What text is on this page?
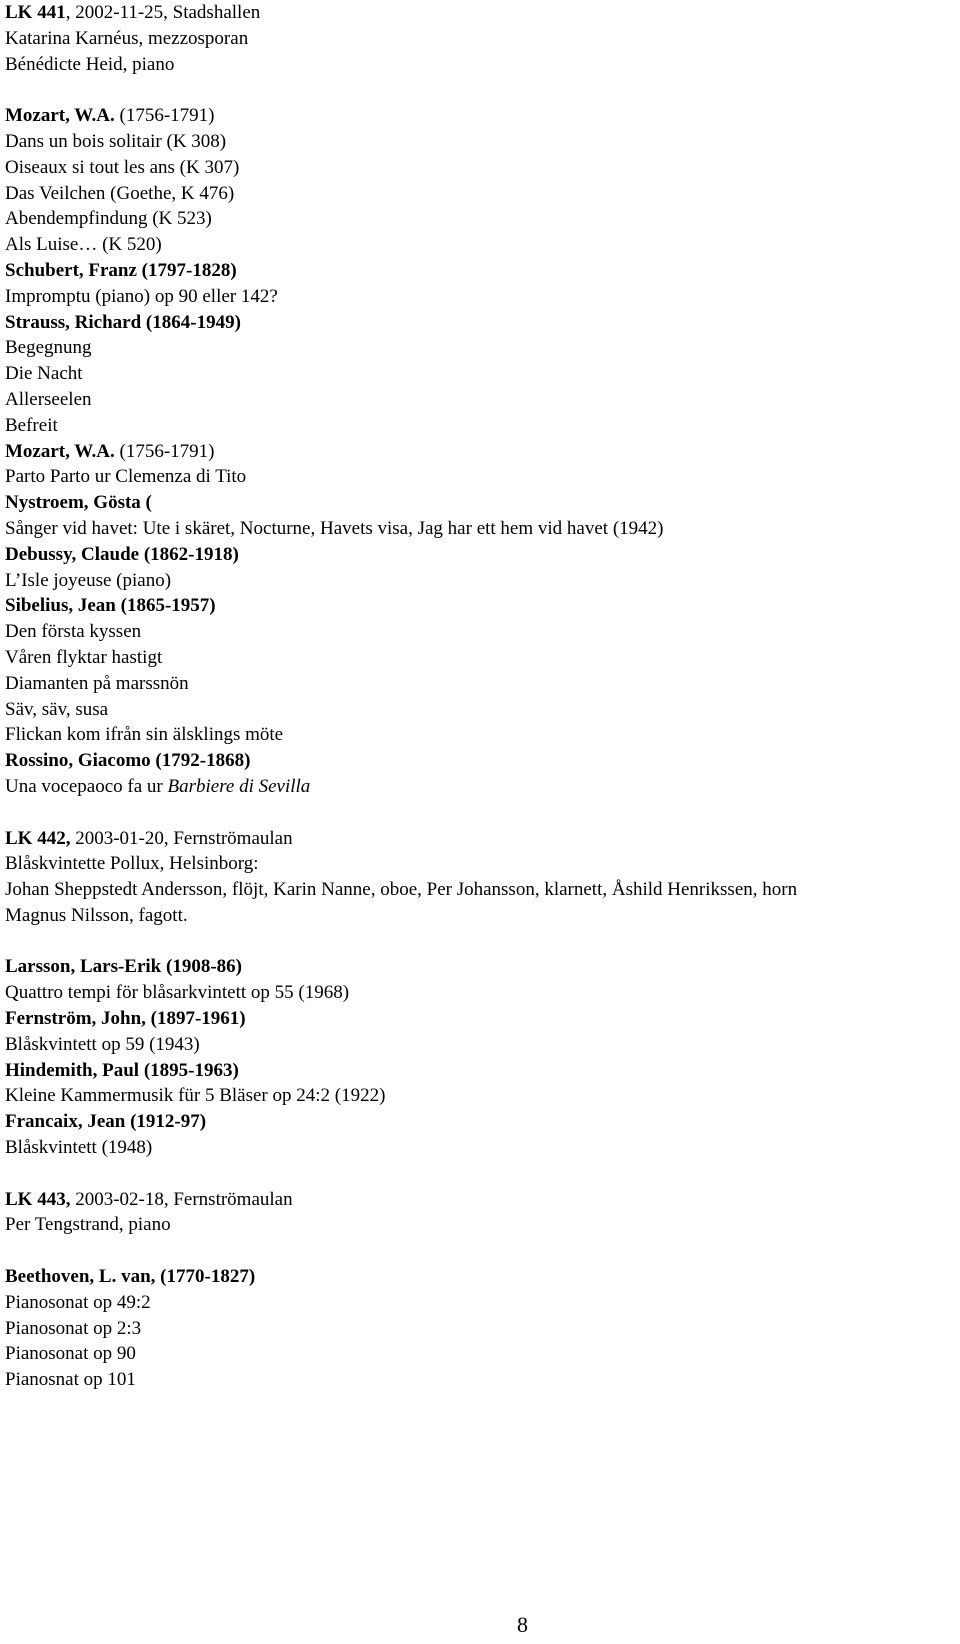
LK 441, 2002-11-25, Stadshallen
Katarina Karnéus, mezzosporan
Bénédicte Heid, piano
Mozart, W.A. (1756-1791)
Dans un bois solitair (K 308)
Oiseaux si tout les ans (K 307)
Das Veilchen (Goethe, K 476)
Abendempfindung (K 523)
Als Luise… (K 520)
Schubert, Franz (1797-1828)
Impromptu (piano) op 90 eller 142?
Strauss, Richard (1864-1949)
Begegnung
Die Nacht
Allerseelen
Befreit
Mozart, W.A. (1756-1791)
Parto Parto ur Clemenza di Tito
Nystroem, Gösta (
Sånger vid havet: Ute i skäret, Nocturne, Havets visa, Jag har ett hem vid havet (1942)
Debussy, Claude (1862-1918)
L’Isle joyeuse (piano)
Sibelius, Jean (1865-1957)
Den första kyssen
Våren flyktar hastigt
Diamanten på marssnön
Säv, säv, susa
Flickan kom ifrån sin älsklings möte
Rossino, Giacomo (1792-1868)
Una vocepaoco fa ur Barbiere di Sevilla
LK 442, 2003-01-20, Fernströmaulan
Blåskvintette Pollux, Helsinborg:
Johan Sheppstedt Andersson, flöjt, Karin Nanne, oboe, Per Johansson, klarnett, Åshild Henrikssen, horn
Magnus Nilsson, fagott.
Larsson, Lars-Erik (1908-86)
Quattro tempi för blåsarkvintett op 55 (1968)
Fernström, John, (1897-1961)
Blåskvintett op 59 (1943)
Hindemith, Paul (1895-1963)
Kleine Kammermusik für 5 Bläser op 24:2 (1922)
Francaix, Jean (1912-97)
Blåskvintett (1948)
LK 443, 2003-02-18, Fernströmaulan
Per Tengstrand, piano
Beethoven, L. van, (1770-1827)
Pianosonat op 49:2
Pianosonat op 2:3
Pianosonat op 90
Pianosnat op 101
8
